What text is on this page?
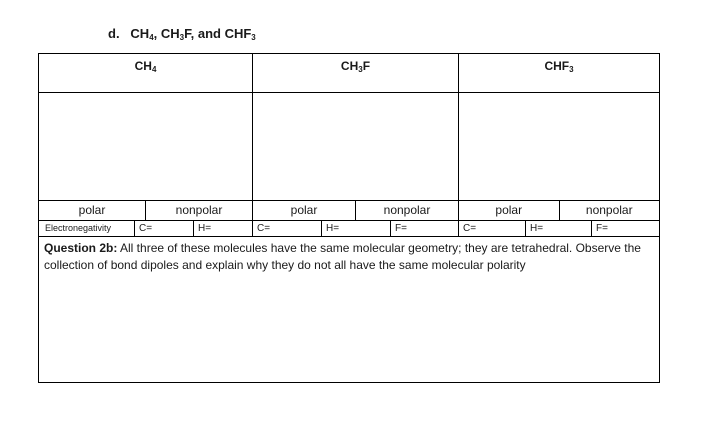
d. $CH_4$, $CH_3F$, and $CHF_3$
$CH_4$	$CH_3F$	$CHF_3$
polar	nonpolar	polar	nonpolar	polar	nonpolar
Electronegativity	C=	H=	C=	H=	F=	C=	H=	F=
Question 2b: All three of these molecules have the same molecular geometry; they are tetrahedral. Observe the collection of bond dipoles and explain why they do not all have the same molecular polarity
